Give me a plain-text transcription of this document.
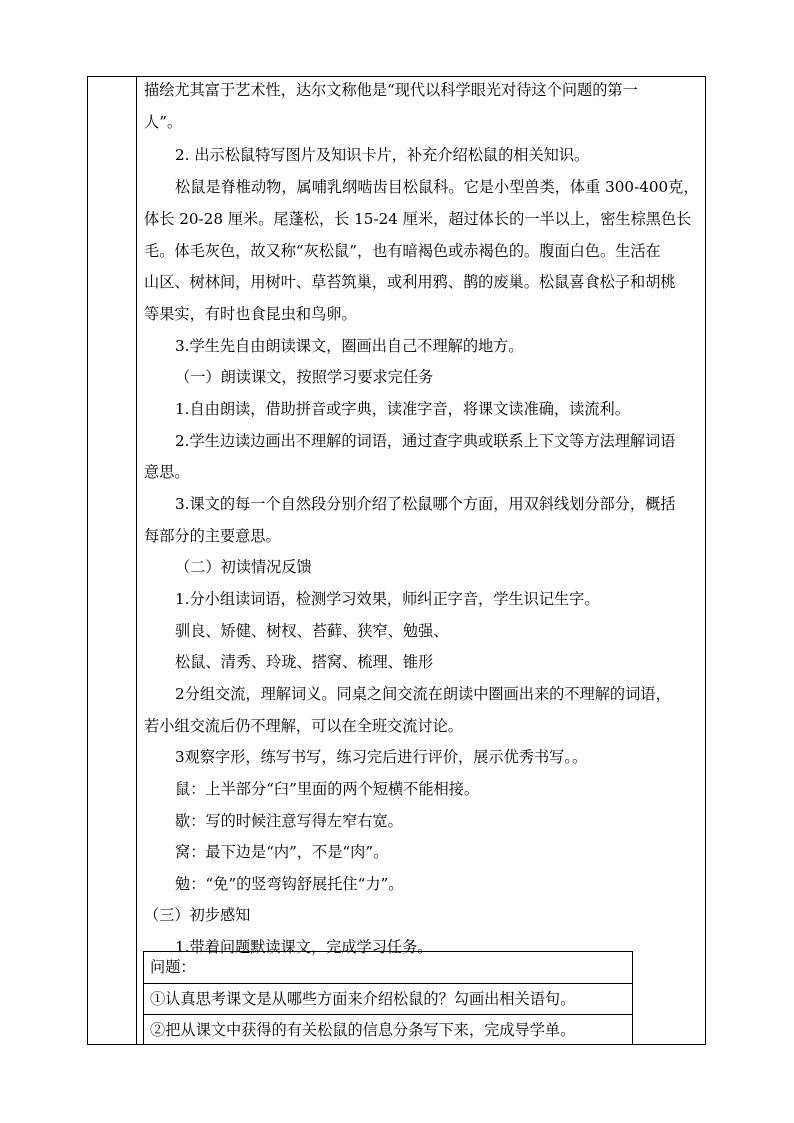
描绘尤其富于艺术性，达尔文称他是“现代以科学眼光对待这个问题的第一
人”。
2. 出示松鼠特写图片及知识卡片，补充介绍松鼠的相关知识。
松鼠是脊椎动物，属哺乳纲啮齿目松鼠科。它是小型兽类，体重 300-400克，
体长 20-28 厘米。尾蓬松，长 15-24 厘米，超过体长的一半以上，密生棕黑色长
毛。体毛灰色，故又称“灰松鼠”，也有暗褐色或赤褐色的。腹面白色。生活在
山区、树林间，用树叶、草苔筑巢，或利用鸦、鹊的废巢。松鼠喜食松子和胡桃
等果实，有时也食昆虫和鸟卵。
3.学生先自由朗读课文，圈画出自己不理解的地方。
（一）朗读课文，按照学习要求完任务
1.自由朗读，借助拼音或字典，读准字音，将课文读准确，读流利。
2.学生边读边画出不理解的词语，通过查字典或联系上下文等方法理解词语
意思。
3.课文的每一个自然段分别介绍了松鼠哪个方面，用双斜线划分部分，概括
每部分的主要意思。
（二）初读情况反馈
1.分小组读词语，检测学习效果，师纠正字音，学生识记生字。
驯良、矫健、树杈、苔藓、狭窄、勉强、
松鼠、清秀、玲珑、搭窝、梳理、锥形
2分组交流，理解词义。同桌之间交流在朗读中圈画出来的不理解的词语，
若小组交流后仍不理解，可以在全班交流讨论。
3观察字形，练写书写，练习完后进行评价，展示优秀书写。。
鼠：上半部分“臼”里面的两个短横不能相接。
歇：写的时候注意写得左窄右宽。
窝：最下边是“内”，不是“肉”。
勉：“免”的竖弯钩舒展托住“力”。
（三）初步感知
1.带着问题默读课文，完成学习任务。
问题：
①认真思考课文是从哪些方面来介绍松鼠的？勾画出相关语句。
②把从课文中获得的有关松鼠的信息分条写下来，完成导学单。
